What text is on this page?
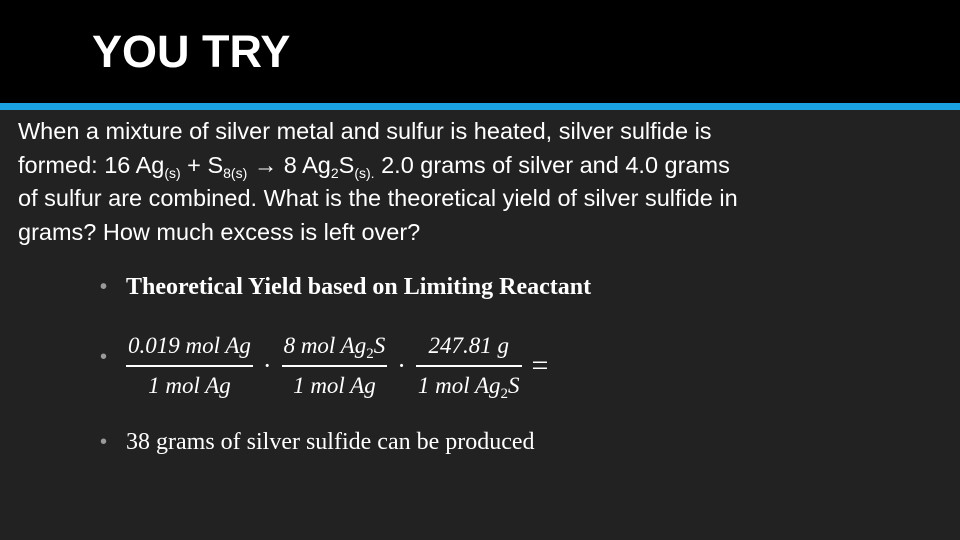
YOU TRY

When a mixture of silver metal and sulfur is heated, silver sulfide is
formed: 16 $Ag_{(s)} + S_{8(s)} \to 8$ $Ag_2S_{(s).}$ 2.0 grams of silver and 4.0 grams
of sulfur are combined. What is the theoretical yield of silver sulfide in
grams? How much excess is left over?

• Theoretical Yield based on Limiting Reactant
• $\frac{\text{0.019 mol Ag}}{\text{1 mol Ag}} \cdot \frac{8 mol Ag_2S}{\text{1 mol Ag}} \cdot \frac{247.81 g}{1 mol Ag_2S}$ =
• 38 grams of silver sulfide can be produced
